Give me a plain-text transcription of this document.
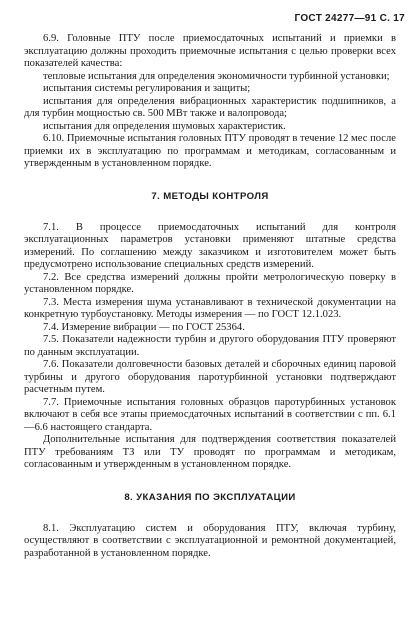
ГОСТ 24277—91 С. 17

6.9. Головные ПТУ после приемосдаточных испытаний и приемки в эксплуатацию должны проходить приемочные испытания с целью проверки всех показателей качества:

тепловые испытания для определения экономичности турбинной установки;

испытания системы регулирования и защиты;

испытания для определения вибрационных характеристик подшипников, а для турбин мощностью св. 500 МВт также и валопровода;

испытания для определения шумовых характеристик.

6.10. Приемочные испытания головных ПТУ проводят в течение 12 мес после приемки их в эксплуатацию по программам и методикам, согласованным и утвержденным в установленном порядке.

7. МЕТОДЫ КОНТРОЛЯ

7.1. В процессе приемосдаточных испытаний для контроля эксплуатационных параметров установки применяют штатные средства измерений. По соглашению между заказчиком и изготовителем может быть предусмотрено использование специальных средств измерений.

7.2. Все средства измерений должны пройти метрологическую поверку в установленном порядке.

7.3. Места измерения шума устанавливают в технической документации на конкретную турбоустановку. Методы измерения — по ГОСТ 12.1.023.

7.4. Измерение вибрации — по ГОСТ 25364.

7.5. Показатели надежности турбин и другого оборудования ПТУ проверяют по данным эксплуатации.

7.6. Показатели долговечности базовых деталей и сборочных единиц паровой турбины и другого оборудования паротурбинной установки подтверждают расчетным путем.

7.7. Приемочные испытания головных образцов паротурбинных установок включают в себя все этапы приемосдаточных испытаний в соответствии с пп. 6.1—6.6 настоящего стандарта.

Дополнительные испытания для подтверждения соответствия показателей ПТУ требованиям ТЗ или ТУ проводят по программам и методикам, согласованным и утвержденным в установленном порядке.

8. УКАЗАНИЯ ПО ЭКСПЛУАТАЦИИ

8.1. Эксплуатацию систем и оборудования ПТУ, включая турбину, осуществляют в соответствии с эксплуатационной и ремонтной документацией, разработанной в установленном порядке.
